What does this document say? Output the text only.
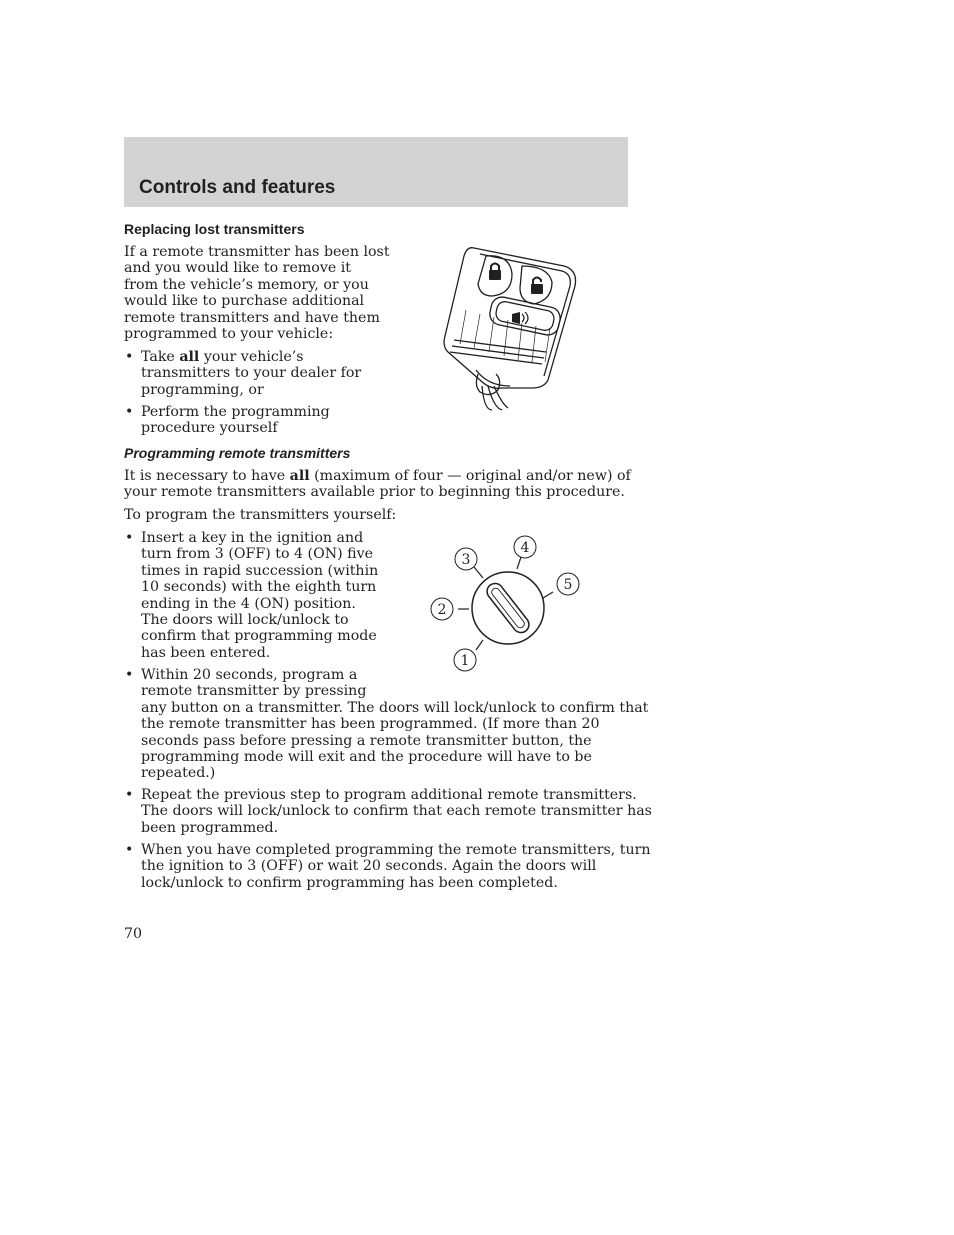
Controls and features
Replacing lost transmitters

If a remote transmitter has been lost
and you would like to remove it
from the vehicle’s memory, or you
would like to purchase additional
remote transmitters and have them
programmed to your vehicle:

• Take all your vehicle’s
transmitters to your dealer for
programming, or

• Perform the programming
procedure yourself

Programming remote transmitters

It is necessary to have all (maximum of four — original and/or new) of
your remote transmitters available prior to beginning this procedure.

To program the transmitters yourself:

• Insert a key in the ignition and
turn from 3 (OFF) to 4 (ON) five
times in rapid succession (within
10 seconds) with the eighth turn
ending in the 4 (ON) position.
The doors will lock/unlock to
confirm that programming mode
has been entered.

• Within 20 seconds, program a
remote transmitter by pressing
any button on a transmitter. The doors will lock/unlock to confirm that
the remote transmitter has been programmed. (If more than 20
seconds pass before pressing a remote transmitter button, the
programming mode will exit and the procedure will have to be
repeated.)

• Repeat the previous step to program additional remote transmitters.
The doors will lock/unlock to confirm that each remote transmitter has
been programmed.

• When you have completed programming the remote transmitters, turn
the ignition to 3 (OFF) or wait 20 seconds. Again the doors will
lock/unlock to confirm programming has been completed.

1
2
3
4
5

70
